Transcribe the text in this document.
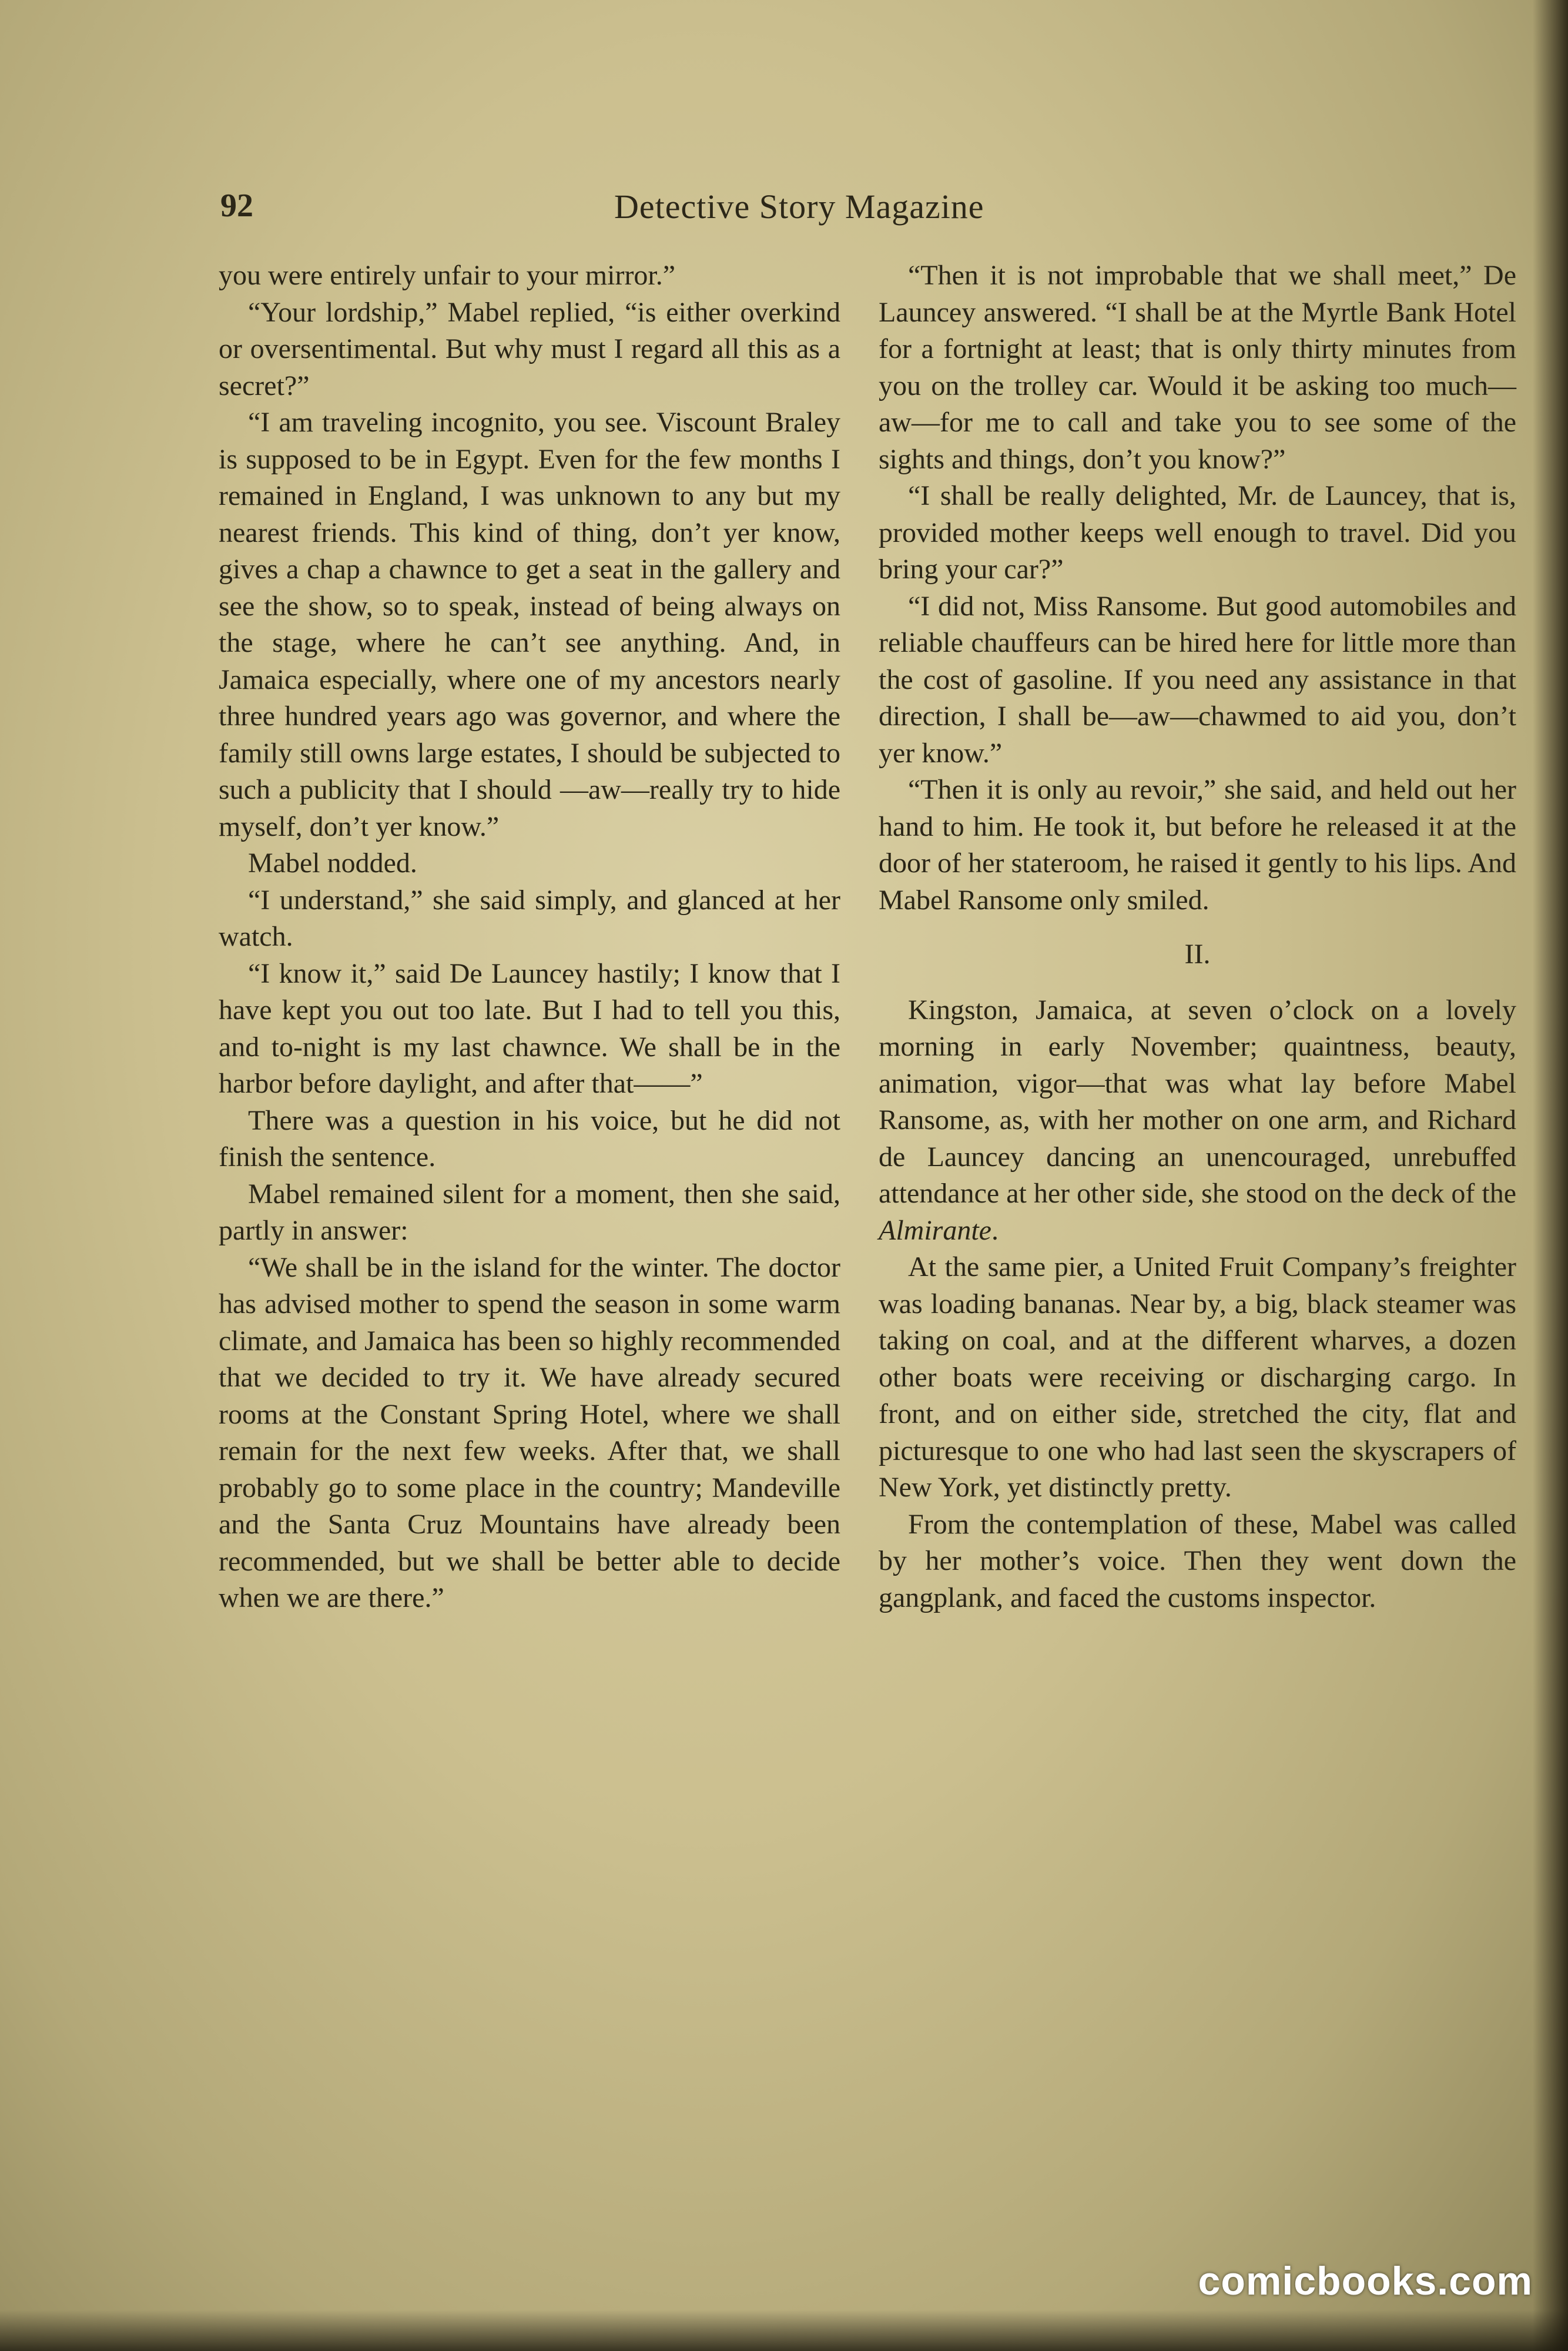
92	Detective Story Magazine

you were entirely unfair to your mirror.”

“Your lordship,” Mabel replied, “is either overkind or oversentimental. But why must I regard all this as a secret?”

“I am traveling incognito, you see. Viscount Braley is supposed to be in Egypt. Even for the few months I remained in England, I was unknown to any but my nearest friends. This kind of thing, don’t yer know, gives a chap a chawnce to get a seat in the gallery and see the show, so to speak, instead of being always on the stage, where he can’t see anything. And, in Jamaica especially, where one of my ancestors nearly three hundred years ago was governor, and where the family still owns large estates, I should be subjected to such a publicity that I should —aw—really try to hide myself, don’t yer know.”

Mabel nodded.

“I understand,” she said simply, and glanced at her watch.

“I know it,” said De Launcey hastily; I know that I have kept you out too late. But I had to tell you this, and to-night is my last chawnce. We shall be in the harbor before daylight, and after that——”

There was a question in his voice, but he did not finish the sentence.

Mabel remained silent for a moment, then she said, partly in answer:

“We shall be in the island for the winter. The doctor has advised mother to spend the season in some warm climate, and Jamaica has been so highly recommended that we decided to try it. We have already secured rooms at the Constant Spring Hotel, where we shall remain for the next few weeks. After that, we shall probably go to some place in the country; Mandeville and the Santa Cruz Mountains have already been recommended, but we shall be better able to decide when we are there.”

“Then it is not improbable that we shall meet,” De Launcey answered. “I shall be at the Myrtle Bank Hotel for a fortnight at least; that is only thirty minutes from you on the trolley car. Would it be asking too much—aw—for me to call and take you to see some of the sights and things, don’t you know?”

“I shall be really delighted, Mr. de Launcey, that is, provided mother keeps well enough to travel. Did you bring your car?”

“I did not, Miss Ransome. But good automobiles and reliable chauffeurs can be hired here for little more than the cost of gasoline. If you need any assistance in that direction, I shall be—aw—chawmed to aid you, don’t yer know.”

“Then it is only au revoir,” she said, and held out her hand to him. He took it, but before he released it at the door of her stateroom, he raised it gently to his lips. And Mabel Ransome only smiled.

II.

Kingston, Jamaica, at seven o’clock on a lovely morning in early November; quaintness, beauty, animation, vigor—that was what lay before Mabel Ransome, as, with her mother on one arm, and Richard de Launcey dancing an unencouraged, unrebuffed attendance at her other side, she stood on the deck of the Almirante.

At the same pier, a United Fruit Company’s freighter was loading bananas. Near by, a big, black steamer was taking on coal, and at the different wharves, a dozen other boats were receiving or discharging cargo. In front, and on either side, stretched the city, flat and picturesque to one who had last seen the skyscrapers of New York, yet distinctly pretty.

From the contemplation of these, Mabel was called by her mother’s voice. Then they went down the gangplank, and faced the customs inspector.

comicbooks.com
